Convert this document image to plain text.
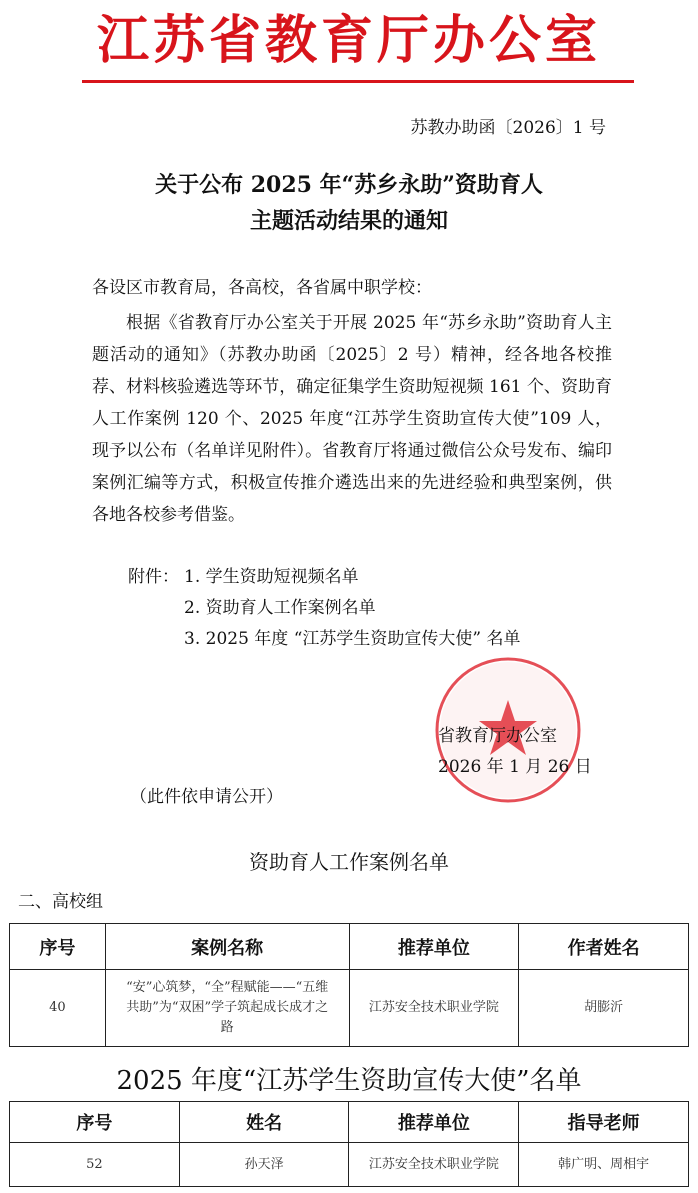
江苏省教育厅办公室
苏教办助函〔2026〕1 号
关于公布 2025 年“苏乡永助”资助育人
主题活动结果的通知
各设区市教育局，各高校，各省属中职学校：
根据《省教育厅办公室关于开展 2025 年“苏乡永助”资助育人主题活动的通知》（苏教办助函〔2025〕2 号）精神，经各地各校推荐、材料核验遴选等环节，确定征集学生资助短视频 161 个、资助育人工作案例 120 个、2025 年度“江苏学生资助宣传大使”109 人，现予以公布（名单详见附件）。省教育厅将通过微信公众号发布、编印案例汇编等方式，积极宣传推介遴选出来的先进经验和典型案例，供各地各校参考借鉴。
附件： 1. 学生资助短视频名单
2. 资助育人工作案例名单
3. 2025 年度 “江苏学生资助宣传大使” 名单
省教育厅办公室
2026 年 1 月 26 日
（此件依申请公开）
资助育人工作案例名单
二、高校组
序号	案例名称	推荐单位	作者姓名
40	“安”心筑梦，“全”程赋能——“五维共助”为“双困”学子筑起成长成才之路	江苏安全技术职业学院	胡膨沂
2025 年度“江苏学生资助宣传大使”名单
序号	姓名	推荐单位	指导老师
52	孙天泽	江苏安全技术职业学院	韩广明、周相宇
